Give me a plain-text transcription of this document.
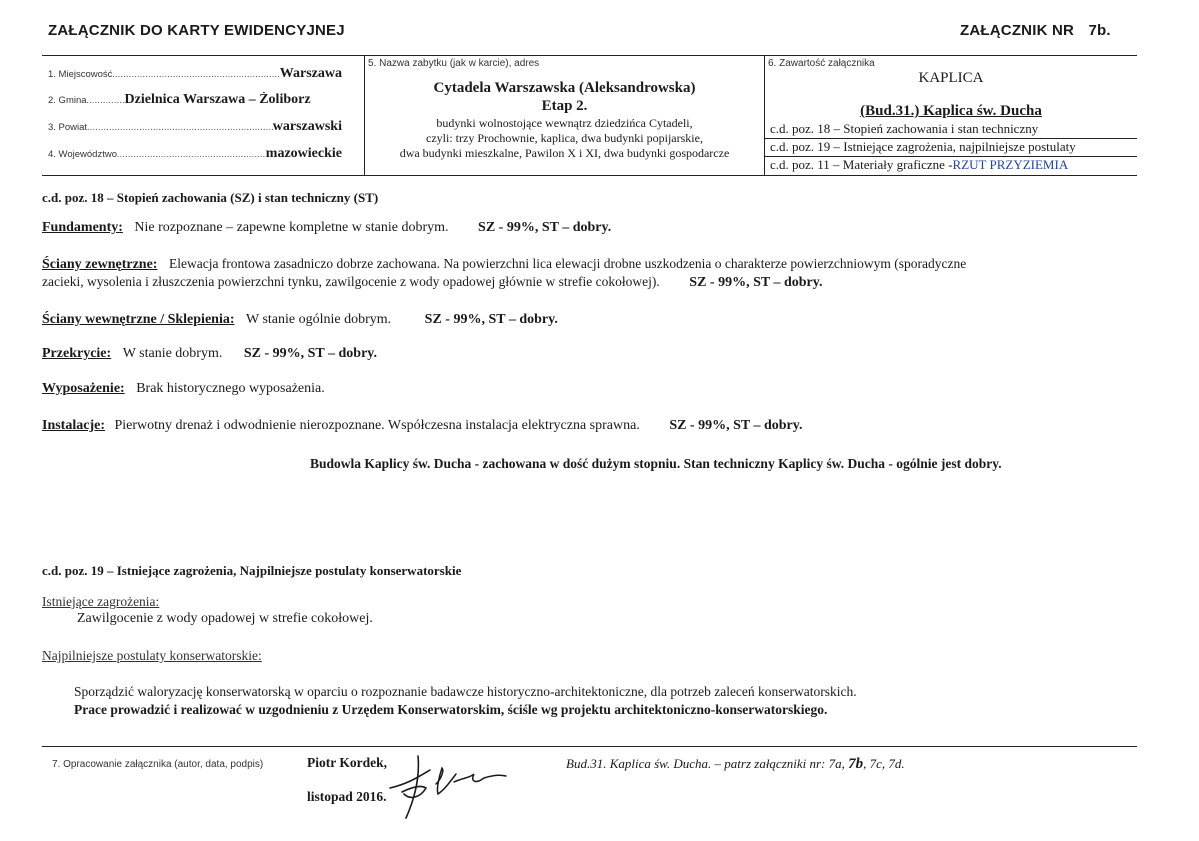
ZAŁĄCZNIK DO KARTY EWIDENCYJNEJ	ZAŁĄCZNIK NR 7b.
1. Miejscowość .....	Warszawa
2. Gmina .....	Dzielnica Warszawa – Żoliborz
3. Powiat .....	warszawski
4. Województwo .....	mazowieckie
5. Nazwa zabytku (jak w karcie), adres
Cytadela Warszawska (Aleksandrowska)
Etap 2.
budynki wolnostojące wewnątrz dziedzińca Cytadeli,
czyli: trzy Prochownie, kaplica, dwa budynki popijarskie,
dwa budynki mieszkalne, Pawilon X i XI, dwa budynki gospodarcze
6. Zawartość załącznika
KAPLICA
(Bud.31.) Kaplica św. Ducha
c.d. poz. 18 – Stopień zachowania i stan techniczny
c.d. poz. 19 – Istniejące zagrożenia, najpilniejsze postulaty
c.d. poz. 11 – Materiały graficzne -RZUT PRZYZIEMIA
c.d. poz. 18 – Stopień zachowania (SZ) i stan techniczny (ST)
Fundamenty: Nie rozpoznane – zapewne kompletne w stanie dobrym. SZ - 99%, ST – dobry.
Ściany zewnętrzne: Elewacja frontowa zasadniczo dobrze zachowana. Na powierzchni lica elewacji drobne uszkodzenia o charakterze powierzchniowym (sporadyczne
zacieki, wysolenia i złuszczenia powierzchni tynku, zawilgocenie z wody opadowej głównie w strefie cokołowej). SZ - 99%, ST – dobry.
Ściany wewnętrzne / Sklepienia: W stanie ogólnie dobrym. SZ - 99%, ST – dobry.
Przekrycie: W stanie dobrym. SZ - 99%, ST – dobry.
Wyposażenie: Brak historycznego wyposażenia.
Instalacje: Pierwotny drenaż i odwodnienie nierozpoznane. Współczesna instalacja elektryczna sprawna. SZ - 99%, ST – dobry.
Budowla Kaplicy św. Ducha - zachowana w dość dużym stopniu. Stan techniczny Kaplicy św. Ducha - ogólnie jest dobry.
c.d. poz. 19 – Istniejące zagrożenia, Najpilniejsze postulaty konserwatorskie
Istniejące zagrożenia:
Zawilgocenie z wody opadowej w strefie cokołowej.
Najpilniejsze postulaty konserwatorskie:
Sporządzić waloryzację konserwatorską w oparciu o rozpoznanie badawcze historyczno-architektoniczne, dla potrzeb zaleceń konserwatorskich.
Prace prowadzić i realizować w uzgodnieniu z Urzędem Konserwatorskim, ściśle wg projektu architektoniczno-konserwatorskiego.
7. Opracowanie załącznika (autor, data, podpis)	Piotr Kordek,
listopad 2016.
Bud.31. Kaplica św. Ducha. – patrz załączniki nr: 7a, 7b, 7c, 7d.
